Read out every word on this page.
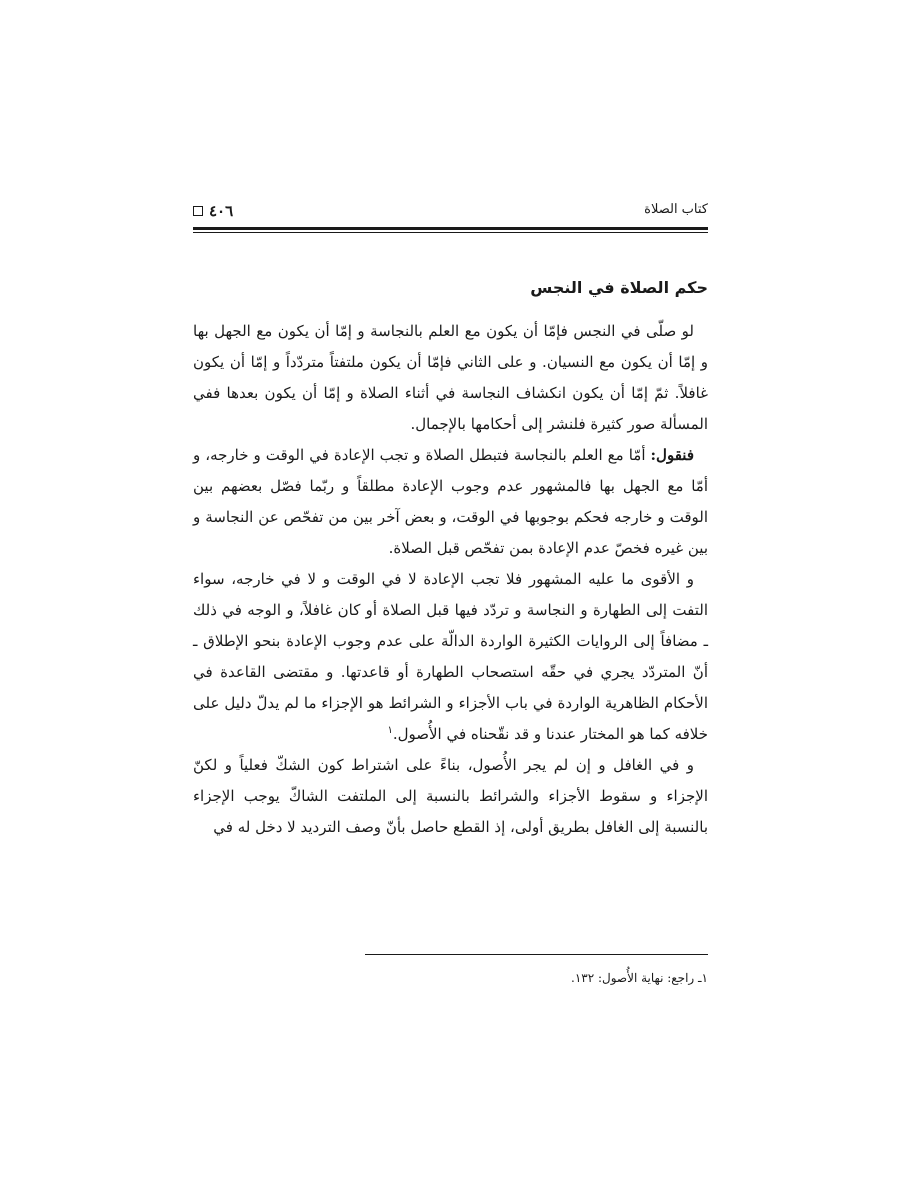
٤٠٦	كتاب الصلاة
حكم الصلاة في النجس

لو صلّى في النجس فإمّا أن يكون مع العلم بالنجاسة و إمّا أن يكون مع الجهل بها و إمّا أن يكون مع النسيان. و على الثاني فإمّا أن يكون ملتفتاً متردّداً و إمّا أن يكون غافلاً. ثمّ إمّا أن يكون انكشاف النجاسة في أثناء الصلاة و إمّا أن يكون بعدها ففي المسألة صور كثيرة فلنشر إلى أحكامها بالإجمال.

فنقول: أمّا مع العلم بالنجاسة فتبطل الصلاة و تجب الإعادة في الوقت و خارجه، و أمّا مع الجهل بها فالمشهور عدم وجوب الإعادة مطلقاً و ربّما فصّل بعضهم بين الوقت و خارجه فحكم بوجوبها في الوقت، و بعض آخر بين من تفحّص عن النجاسة و بين غيره فخصّ عدم الإعادة بمن تفحّص قبل الصلاة.

و الأقوى ما عليه المشهور فلا تجب الإعادة لا في الوقت و لا في خارجه، سواء التفت إلى الطهارة و النجاسة و تردّد فيها قبل الصلاة أو كان غافلاً، و الوجه في ذلك ـ مضافاً إلى الروايات الكثيرة الواردة الدالّة على عدم وجوب الإعادة بنحو الإطلاق ـ أنّ المتردّد يجري في حقّه استصحاب الطهارة أو قاعدتها. و مقتضى القاعدة في الأحكام الظاهرية الواردة في باب الأجزاء و الشرائط هو الإجزاء ما لم يدلّ دليل على خلافه كما هو المختار عندنا و قد نقّحناه في الأُصول.$^١$

و في الغافل و إن لم يجر الأُصول، بناءً على اشتراط كون الشكّ فعلياً و لكنّ الإجزاء و سقوط الأجزاء والشرائط بالنسبة إلى الملتفت الشاكّ يوجب الإجزاء بالنسبة إلى الغافل بطريق أولى، إذ القطع حاصل بأنّ وصف الترديد لا دخل له في

١ـ راجع: نهاية الأُصول: ١٣٢.
